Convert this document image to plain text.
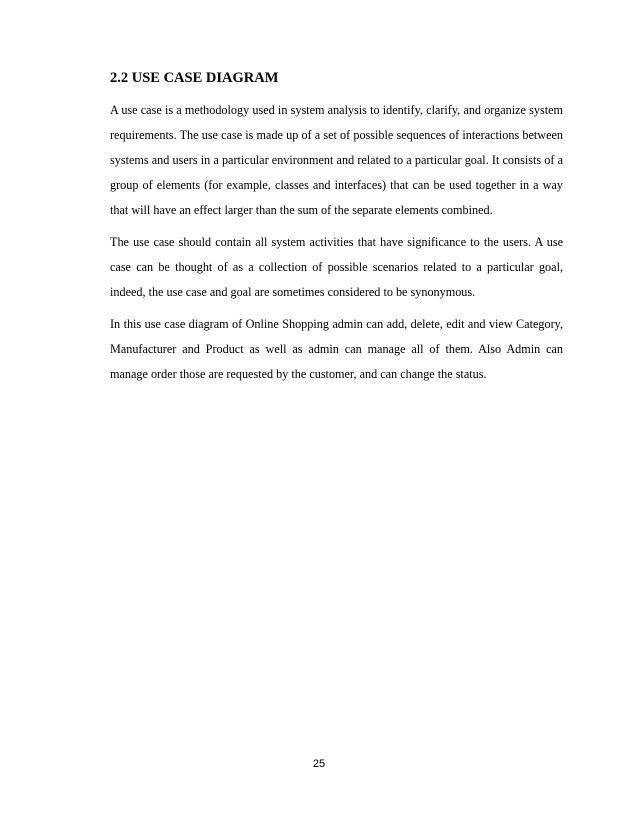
2.2 USE CASE DIAGRAM

A use case is a methodology used in system analysis to identify, clarify, and organize system requirements. The use case is made up of a set of possible sequences of interactions between systems and users in a particular environment and related to a particular goal. It consists of a group of elements (for example, classes and interfaces) that can be used together in a way that will have an effect larger than the sum of the separate elements combined.

The use case should contain all system activities that have significance to the users. A use case can be thought of as a collection of possible scenarios related to a particular goal, indeed, the use case and goal are sometimes considered to be synonymous.

In this use case diagram of Online Shopping admin can add, delete, edit and view Category, Manufacturer and Product as well as admin can manage all of them. Also Admin can manage order those are requested by the customer, and can change the status.

25
